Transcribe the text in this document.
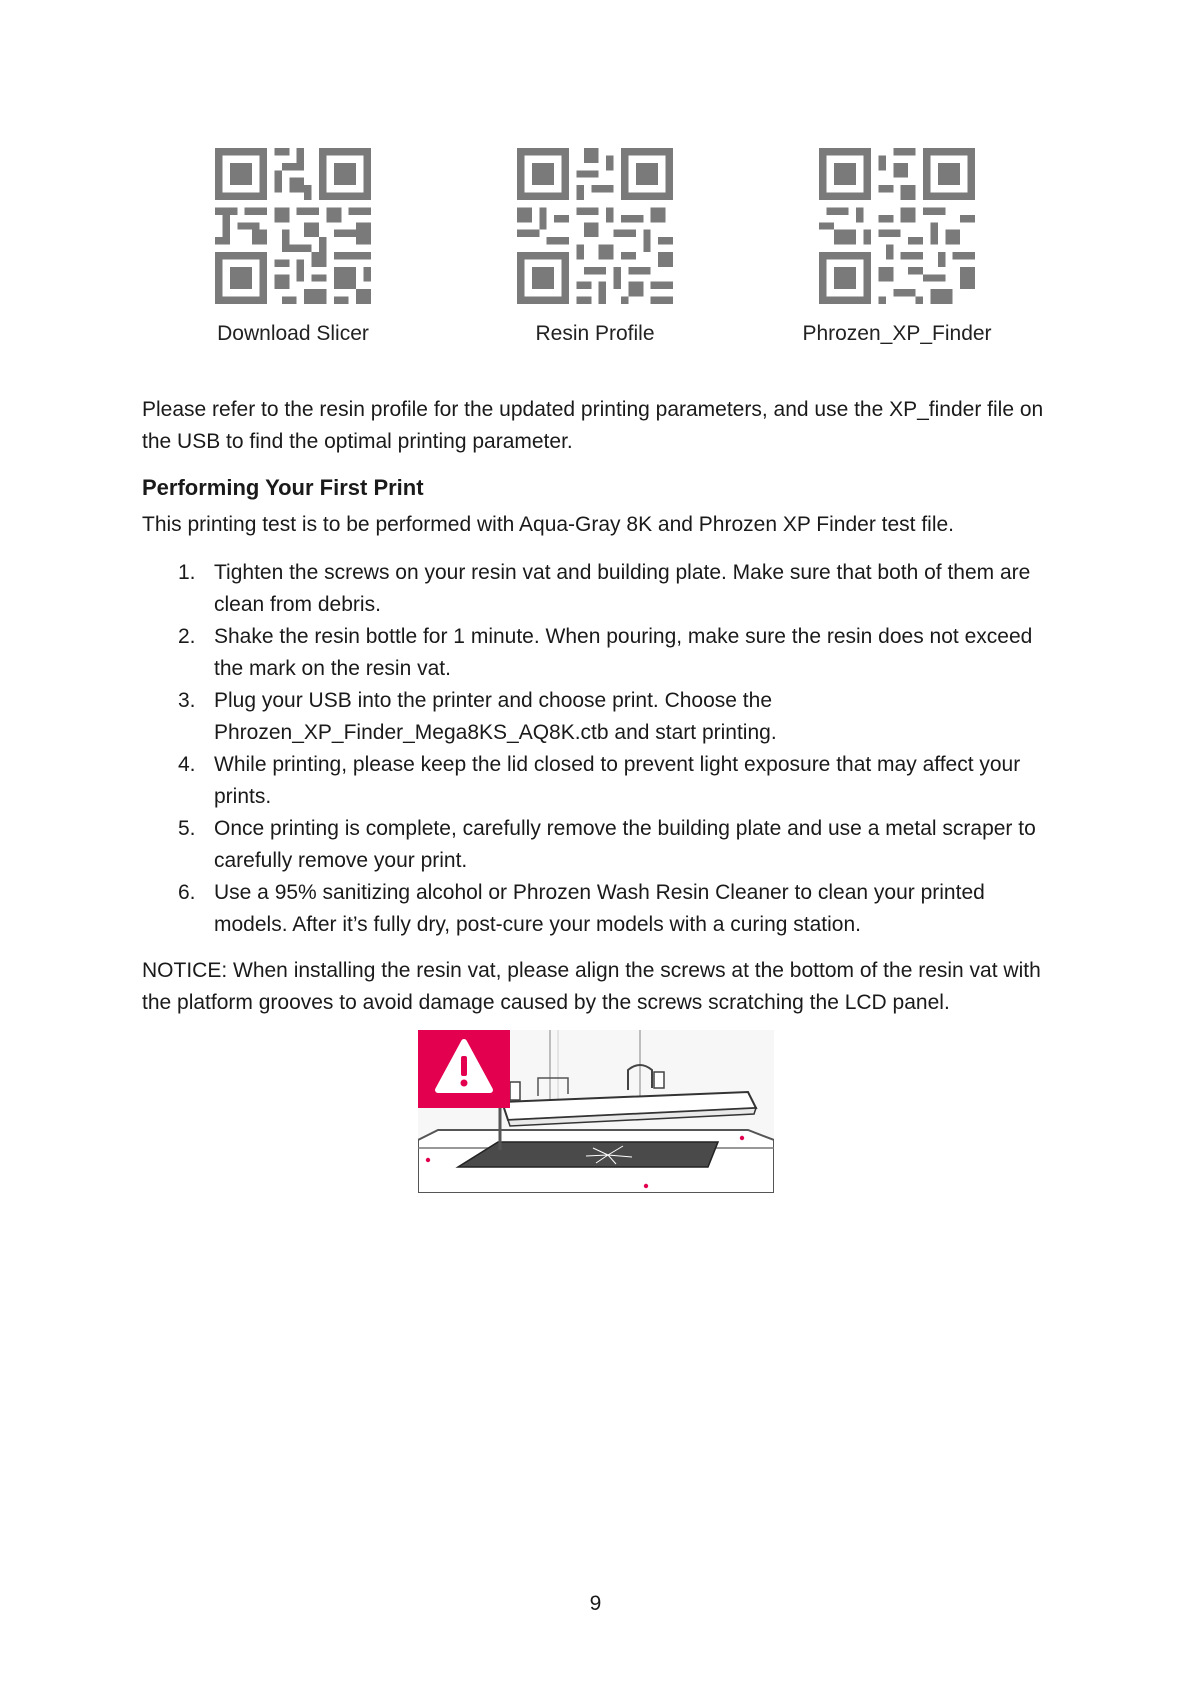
Download Slicer	Resin Profile	Phrozen_XP_Finder
Please refer to the resin profile for the updated printing parameters, and use the XP_finder file on the USB to find the optimal printing parameter.
Performing Your First Print
This printing test is to be performed with Aqua-Gray 8K and Phrozen XP Finder test file.
1. Tighten the screws on your resin vat and building plate. Make sure that both of them are clean from debris.
2. Shake the resin bottle for 1 minute. When pouring, make sure the resin does not exceed the mark on the resin vat.
3. Plug your USB into the printer and choose print. Choose the Phrozen_XP_Finder_Mega8KS_AQ8K.ctb and start printing.
4. While printing, please keep the lid closed to prevent light exposure that may affect your prints.
5. Once printing is complete, carefully remove the building plate and use a metal scraper to carefully remove your print.
6. Use a 95% sanitizing alcohol or Phrozen Wash Resin Cleaner to clean your printed models. After it’s fully dry, post-cure your models with a curing station.
NOTICE: When installing the resin vat, please align the screws at the bottom of the resin vat with the platform grooves to avoid damage caused by the screws scratching the LCD panel.
9
